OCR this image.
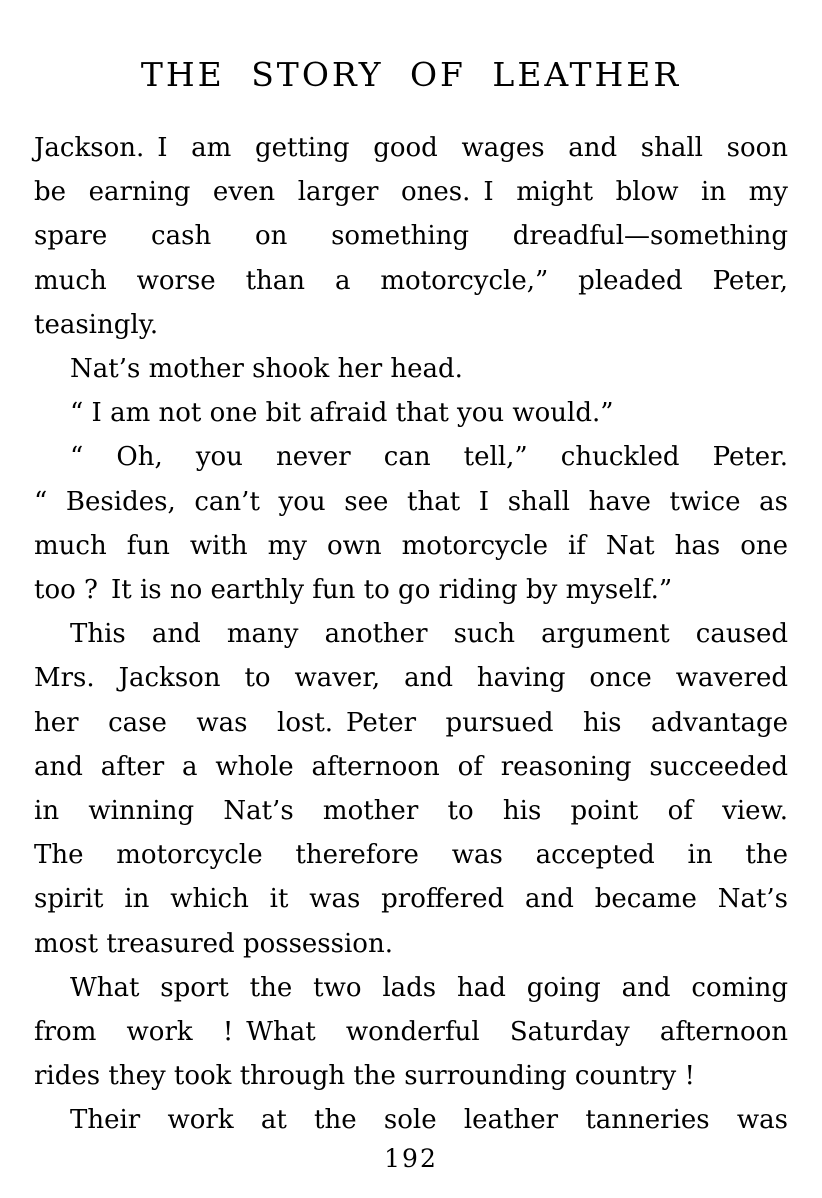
THE STORY OF LEATHER
Jackson. I am getting good wages and shall soon
be earning even larger ones. I might blow in my
spare cash on something dreadful—something
much worse than a motorcycle,” pleaded Peter,
teasingly.
Nat’s mother shook her head.
“ I am not one bit afraid that you would.”
“ Oh, you never can tell,” chuckled Peter.
“ Besides, can’t you see that I shall have twice as
much fun with my own motorcycle if Nat has one
too ? It is no earthly fun to go riding by myself.”
This and many another such argument caused
Mrs. Jackson to waver, and having once wavered
her case was lost. Peter pursued his advantage
and after a whole afternoon of reasoning succeeded
in winning Nat’s mother to his point of view.
The motorcycle therefore was accepted in the
spirit in which it was proffered and became Nat’s
most treasured possession.
What sport the two lads had going and coming
from work ! What wonderful Saturday afternoon
rides they took through the surrounding country !
Their work at the sole leather tanneries was
192
